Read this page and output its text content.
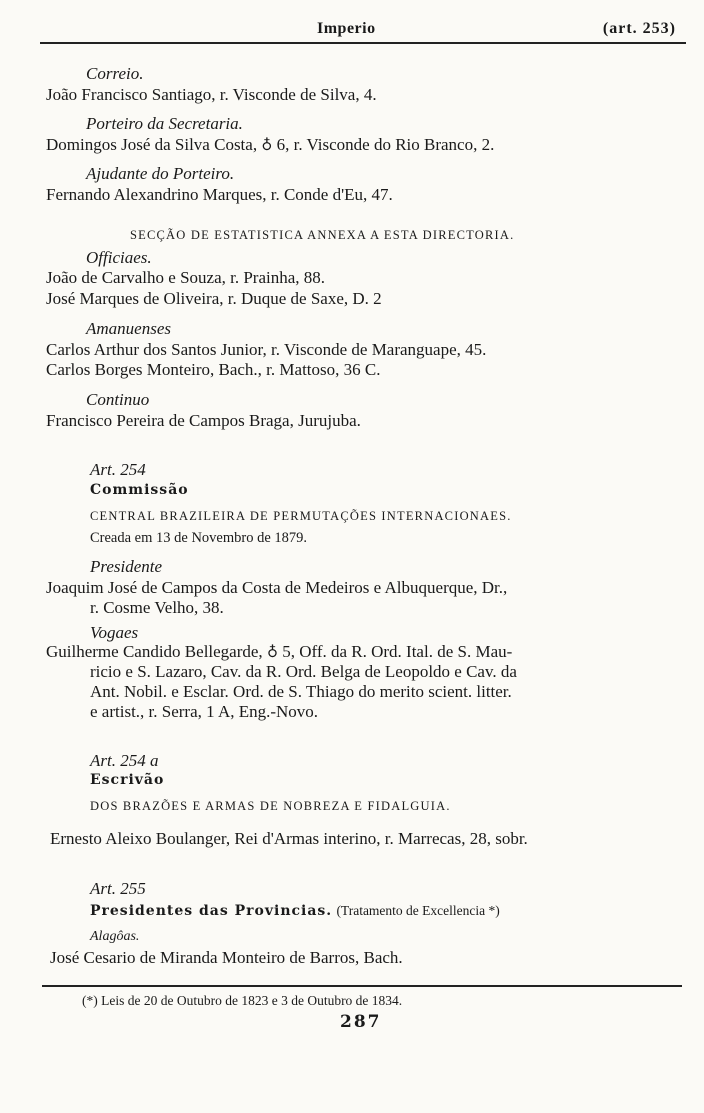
Imperio	(art. 253)
Correio.
João Francisco Santiago, r. Visconde de Silva, 4.
Porteiro da Secretaria.
Domingos José da Silva Costa, ♁ 6, r. Visconde do Rio Branco, 2.
Ajudante do Porteiro.
Fernando Alexandrino Marques, r. Conde d'Eu, 47.
SECÇÃO DE ESTATISTICA ANNEXA A ESTA DIRECTORIA.
Officiaes.
João de Carvalho e Souza, r. Prainha, 88.
José Marques de Oliveira, r. Duque de Saxe, D. 2
Amanuenses
Carlos Arthur dos Santos Junior, r. Visconde de Maranguape, 45.
Carlos Borges Monteiro, Bach., r. Mattoso, 36 C.
Continuo
Francisco Pereira de Campos Braga, Jurujuba.
Art. 254
Commissão
CENTRAL BRAZILEIRA DE PERMUTAÇÕES INTERNACIONAES.
Creada em 13 de Novembro de 1879.
Presidente
Joaquim José de Campos da Costa de Medeiros e Albuquerque, Dr.,
r. Cosme Velho, 38.
Vogaes
Guilherme Candido Bellegarde, ♁ 5, Off. da R. Ord. Ital. de S. Mau-
ricio e S. Lazaro, Cav. da R. Ord. Belga de Leopoldo e Cav. da
Ant. Nobil. e Esclar. Ord. de S. Thiago do merito scient. litter.
e artist., r. Serra, 1 A, Eng.-Novo.
Art. 254 a
Escrivão
DOS BRAZÕES E ARMAS DE NOBREZA E FIDALGUIA.
Ernesto Aleixo Boulanger, Rei d'Armas interino, r. Marrecas, 28, sobr.
Art. 255
Presidentes das Provincias. (Tratamento de Excellencia *)
Alagôas.
José Cesario de Miranda Monteiro de Barros, Bach.
(*) Leis de 20 de Outubro de 1823 e 3 de Outubro de 1834.
287
